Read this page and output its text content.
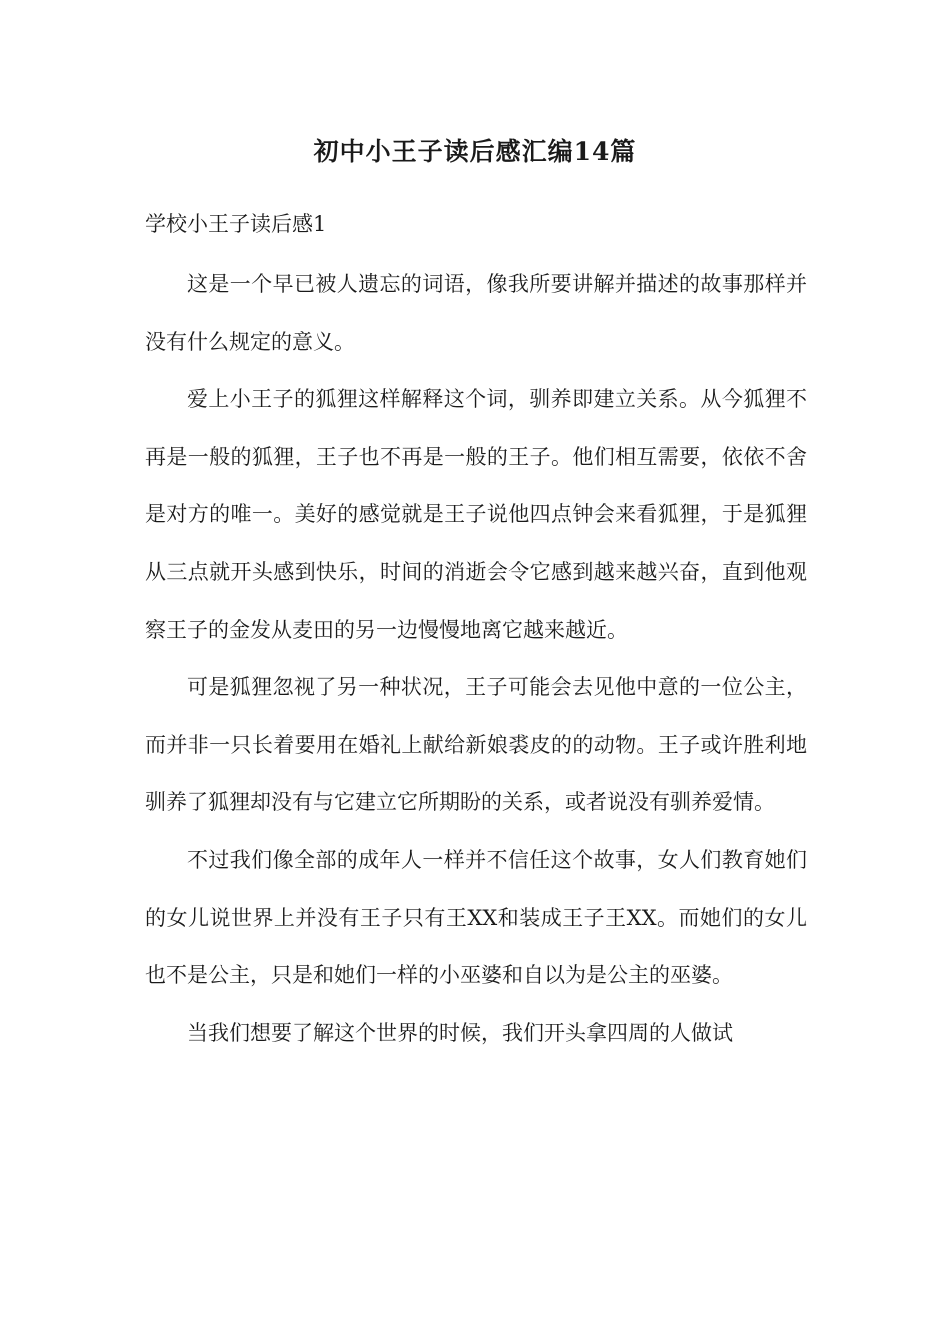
初中小王子读后感汇编14篇
学校小王子读后感1

这是一个早已被人遗忘的词语，像我所要讲解并描述的故事那样并没有什么规定的意义。

爱上小王子的狐狸这样解释这个词，驯养即建立关系。从今狐狸不再是一般的狐狸，王子也不再是一般的王子。他们相互需要，依依不舍是对方的唯一。美好的感觉就是王子说他四点钟会来看狐狸，于是狐狸从三点就开头感到快乐，时间的消逝会令它感到越来越兴奋，直到他观察王子的金发从麦田的另一边慢慢地离它越来越近。

可是狐狸忽视了另一种状况，王子可能会去见他中意的一位公主，而并非一只长着要用在婚礼上献给新娘裘皮的的动物。王子或许胜利地驯养了狐狸却没有与它建立它所期盼的关系，或者说没有驯养爱情。

不过我们像全部的成年人一样并不信任这个故事，女人们教育她们的女儿说世界上并没有王子只有王XX和装成王子王XX。而她们的女儿也不是公主，只是和她们一样的小巫婆和自以为是公主的巫婆。

当我们想要了解这个世界的时候，我们开头拿四周的人做试
